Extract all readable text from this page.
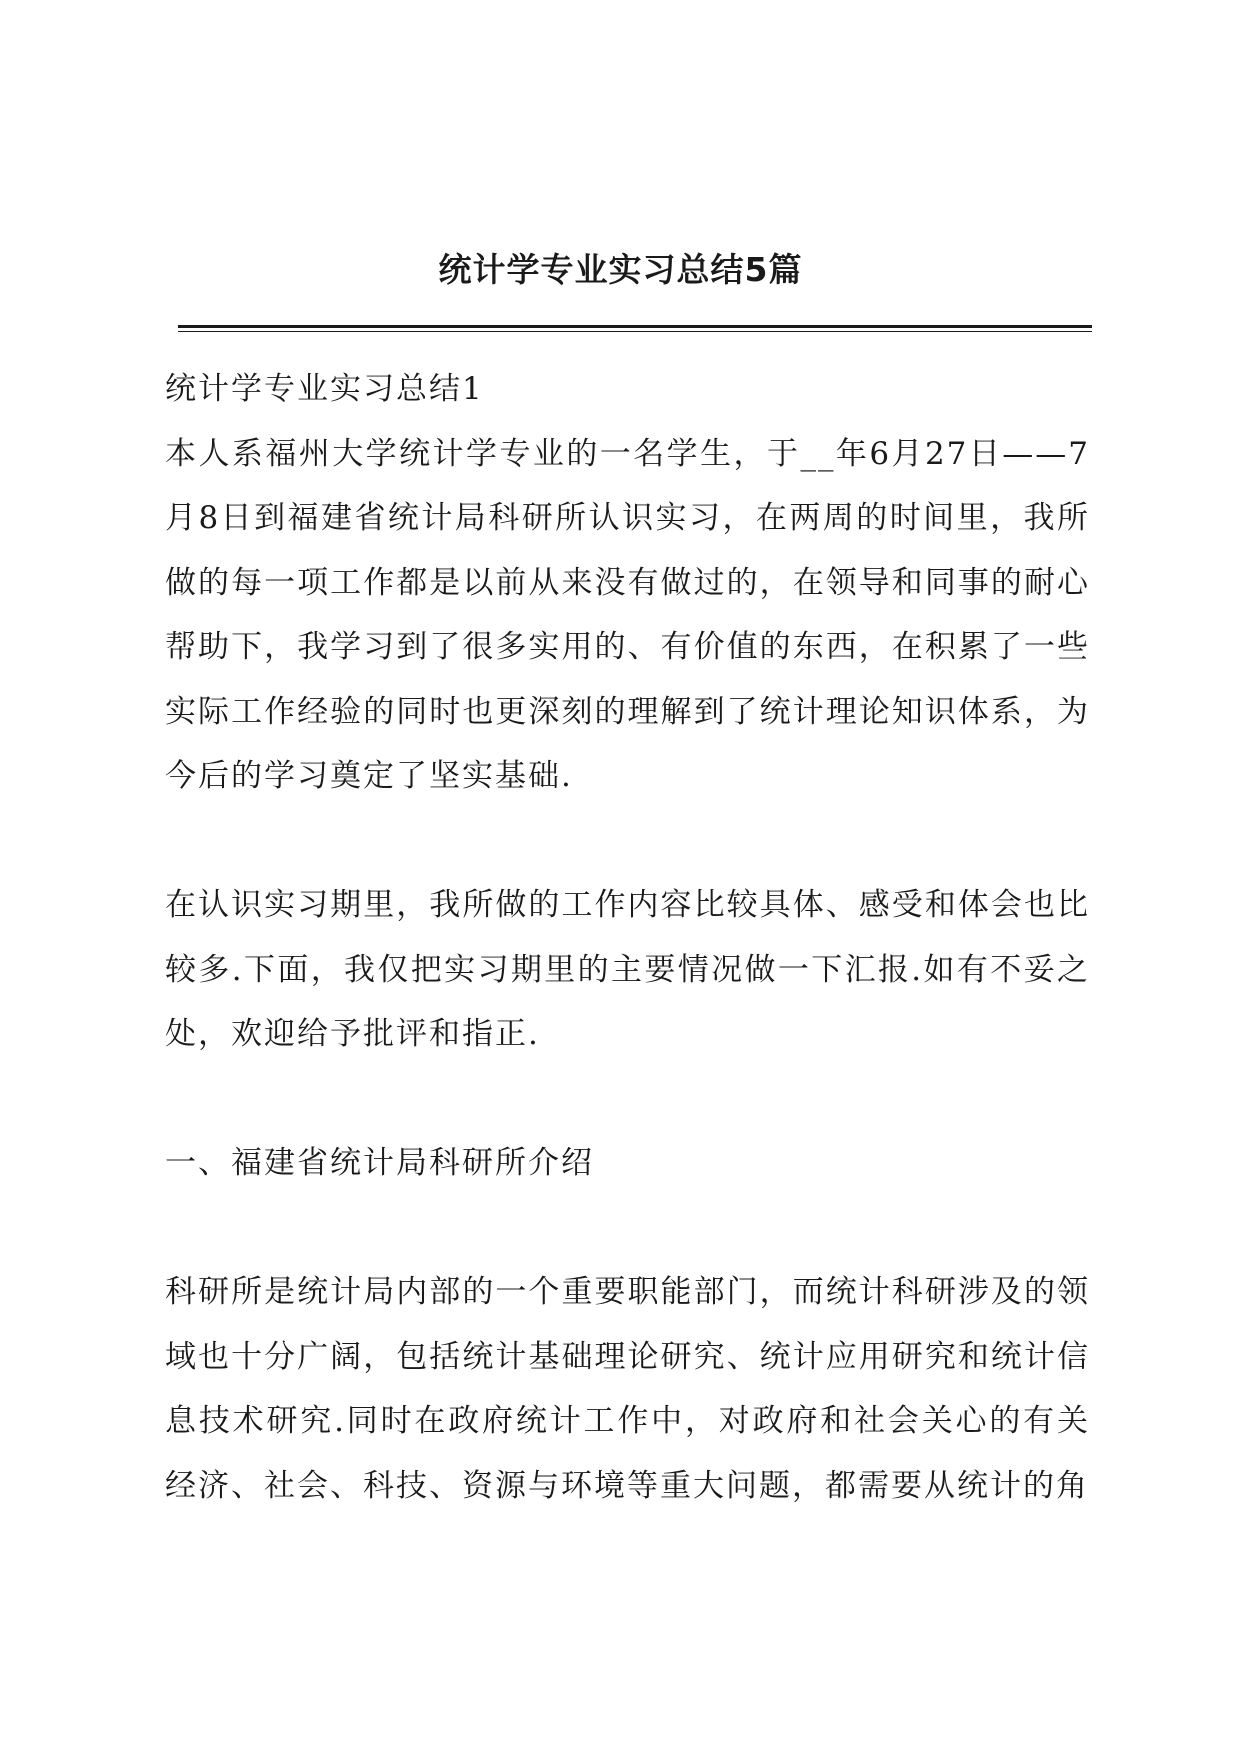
统计学专业实习总结5篇

统计学专业实习总结1

本人系福州大学统计学专业的一名学生，于__年6月27日——7月8日到福建省统计局科研所认识实习，在两周的时间里，我所做的每一项工作都是以前从来没有做过的，在领导和同事的耐心帮助下，我学习到了很多实用的、有价值的东西，在积累了一些实际工作经验的同时也更深刻的理解到了统计理论知识体系，为今后的学习奠定了坚实基础.

在认识实习期里，我所做的工作内容比较具体、感受和体会也比较多.下面，我仅把实习期里的主要情况做一下汇报.如有不妥之处，欢迎给予批评和指正.

一、福建省统计局科研所介绍

科研所是统计局内部的一个重要职能部门，而统计科研涉及的领域也十分广阔，包括统计基础理论研究、统计应用研究和统计信息技术研究.同时在政府统计工作中，对政府和社会关心的有关经济、社会、科技、资源与环境等重大问题，都需要从统计的角
